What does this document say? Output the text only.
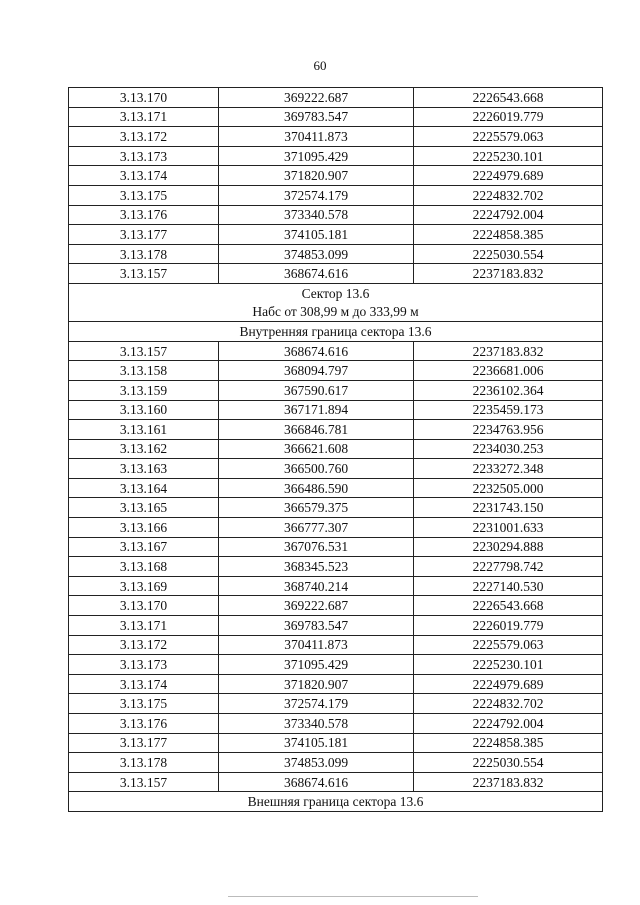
60
3.13.170	369222.687	2226543.668
3.13.171	369783.547	2226019.779
3.13.172	370411.873	2225579.063
3.13.173	371095.429	2225230.101
3.13.174	371820.907	2224979.689
3.13.175	372574.179	2224832.702
3.13.176	373340.578	2224792.004
3.13.177	374105.181	2224858.385
3.13.178	374853.099	2225030.554
3.13.157	368674.616	2237183.832
Сектор 13.6		
Набс от 308,99 м до 333,99 м		
Внутренняя граница сектора 13.6		
3.13.157	368674.616	2237183.832
3.13.158	368094.797	2236681.006
3.13.159	367590.617	2236102.364
3.13.160	367171.894	2235459.173
3.13.161	366846.781	2234763.956
3.13.162	366621.608	2234030.253
3.13.163	366500.760	2233272.348
3.13.164	366486.590	2232505.000
3.13.165	366579.375	2231743.150
3.13.166	366777.307	2231001.633
3.13.167	367076.531	2230294.888
3.13.168	368345.523	2227798.742
3.13.169	368740.214	2227140.530
3.13.170	369222.687	2226543.668
3.13.171	369783.547	2226019.779
3.13.172	370411.873	2225579.063
3.13.173	371095.429	2225230.101
3.13.174	371820.907	2224979.689
3.13.175	372574.179	2224832.702
3.13.176	373340.578	2224792.004
3.13.177	374105.181	2224858.385
3.13.178	374853.099	2225030.554
3.13.157	368674.616	2237183.832
Внешняя граница сектора 13.6		
